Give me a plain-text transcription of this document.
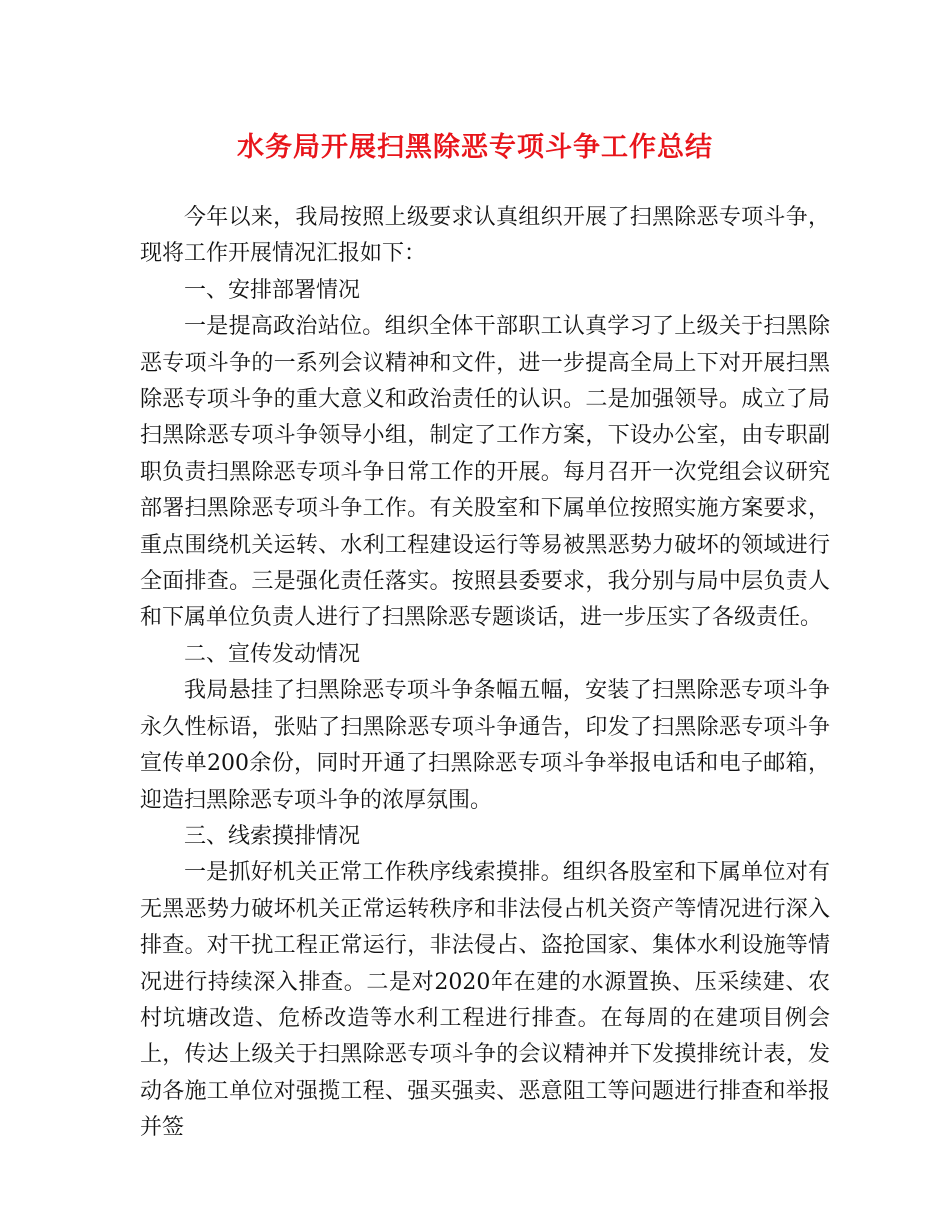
水务局开展扫黑除恶专项斗争工作总结

今年以来，我局按照上级要求认真组织开展了扫黑除恶专项斗争，现将工作开展情况汇报如下：

一、安排部署情况

一是提高政治站位。组织全体干部职工认真学习了上级关于扫黑除恶专项斗争的一系列会议精神和文件，进一步提高全局上下对开展扫黑除恶专项斗争的重大意义和政治责任的认识。二是加强领导。成立了局扫黑除恶专项斗争领导小组，制定了工作方案，下设办公室，由专职副职负责扫黑除恶专项斗争日常工作的开展。每月召开一次党组会议研究部署扫黑除恶专项斗争工作。有关股室和下属单位按照实施方案要求，重点围绕机关运转、水利工程建设运行等易被黑恶势力破坏的领域进行全面排查。三是强化责任落实。按照县委要求，我分别与局中层负责人和下属单位负责人进行了扫黑除恶专题谈话，进一步压实了各级责任。

二、宣传发动情况

我局悬挂了扫黑除恶专项斗争条幅五幅，安装了扫黑除恶专项斗争永久性标语，张贴了扫黑除恶专项斗争通告，印发了扫黑除恶专项斗争宣传单200余份，同时开通了扫黑除恶专项斗争举报电话和电子邮箱，迎造扫黑除恶专项斗争的浓厚氛围。

三、线索摸排情况

一是抓好机关正常工作秩序线索摸排。组织各股室和下属单位对有无黑恶势力破坏机关正常运转秩序和非法侵占机关资产等情况进行深入排查。对干扰工程正常运行，非法侵占、盗抢国家、集体水利设施等情况进行持续深入排查。二是对2020年在建的水源置换、压采续建、农村坑塘改造、危桥改造等水利工程进行排查。在每周的在建项目例会上，传达上级关于扫黑除恶专项斗争的会议精神并下发摸排统计表，发动各施工单位对强揽工程、强买强卖、恶意阻工等问题进行排查和举报并签
